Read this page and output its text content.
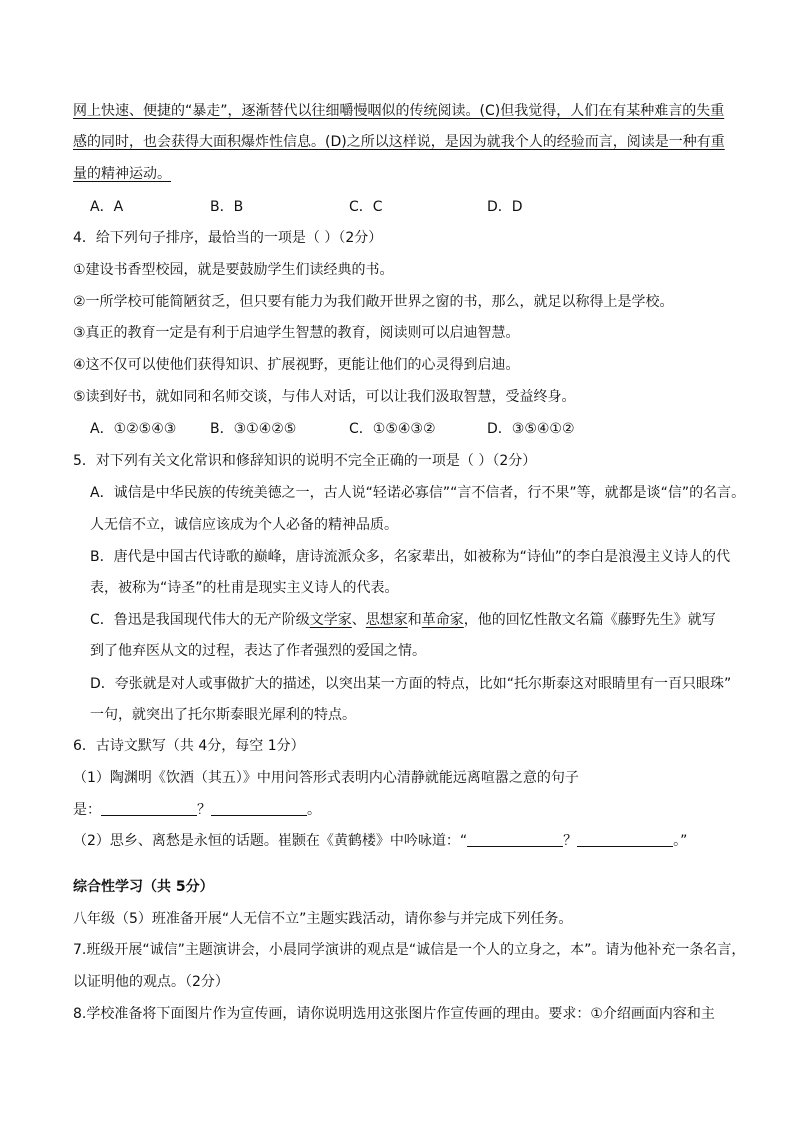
网上快速、便捷的“暴走”，逐渐替代以往细嚼慢咽似的传统阅读。(C)但我觉得，人们在有某种难言的失重
感的同时，也会获得大面积爆炸性信息。(D)之所以这样说，是因为就我个人的经验而言，阅读是一种有重
量的精神运动。
A．A	B．B	C．C	D．D
4．给下列句子排序，最恰当的一项是（ ）（2分）
①建设书香型校园，就是要鼓励学生们读经典的书。
②一所学校可能简陋贫乏，但只要有能力为我们敞开世界之窗的书，那么，就足以称得上是学校。
③真正的教育一定是有利于启迪学生智慧的教育，阅读则可以启迪智慧。
④这不仅可以使他们获得知识、扩展视野，更能让他们的心灵得到启迪。
⑤读到好书，就如同和名师交谈，与伟人对话，可以让我们汲取智慧，受益终身。
A．①②⑤④③ B．③①④②⑤	C．①⑤④③②	D．③⑤④①②
5．对下列有关文化常识和修辞知识的说明不完全正确的一项是（ ）（2分）
A．诚信是中华民族的传统美德之一，古人说“轻诺必寡信”“言不信者，行不果”等，就都是谈“信”的名言。
人无信不立，诚信应该成为个人必备的精神品质。
B．唐代是中国古代诗歌的巅峰，唐诗流派众多，名家辈出，如被称为“诗仙”的李白是浪漫主义诗人的代
表，被称为“诗圣”的杜甫是现实主义诗人的代表。
C．鲁迅是我国现代伟大的无产阶级文学家、思想家和革命家，他的回忆性散文名篇《藤野先生》就写
到了他弃医从文的过程，表达了作者强烈的爱国之情。
D．夸张就是对人或事做扩大的描述，以突出某一方面的特点，比如“托尔斯泰这对眼睛里有一百只眼珠”
一句，就突出了托尔斯泰眼光犀利的特点。
6．古诗文默写（共 4分，每空 1分）
（1）陶渊明《饮酒（其五）》中用问答形式表明内心清静就能远离喧嚣之意的句子
是：	？	。
（2）思乡、离愁是永恒的话题。崔颢在《黄鹤楼》中吟咏道：“	？	。”
综合性学习（共 5分）
八年级（5）班准备开展“人无信不立”主题实践活动，请你参与并完成下列任务。
7.班级开展“诚信”主题演讲会，小晨同学演讲的观点是“诚信是一个人的立身之，本”。请为他补充一条名言，
以证明他的观点。（2分）
8.学校准备将下面图片作为宣传画，请你说明选用这张图片作宣传画的理由。要求：①介绍画面内容和主
